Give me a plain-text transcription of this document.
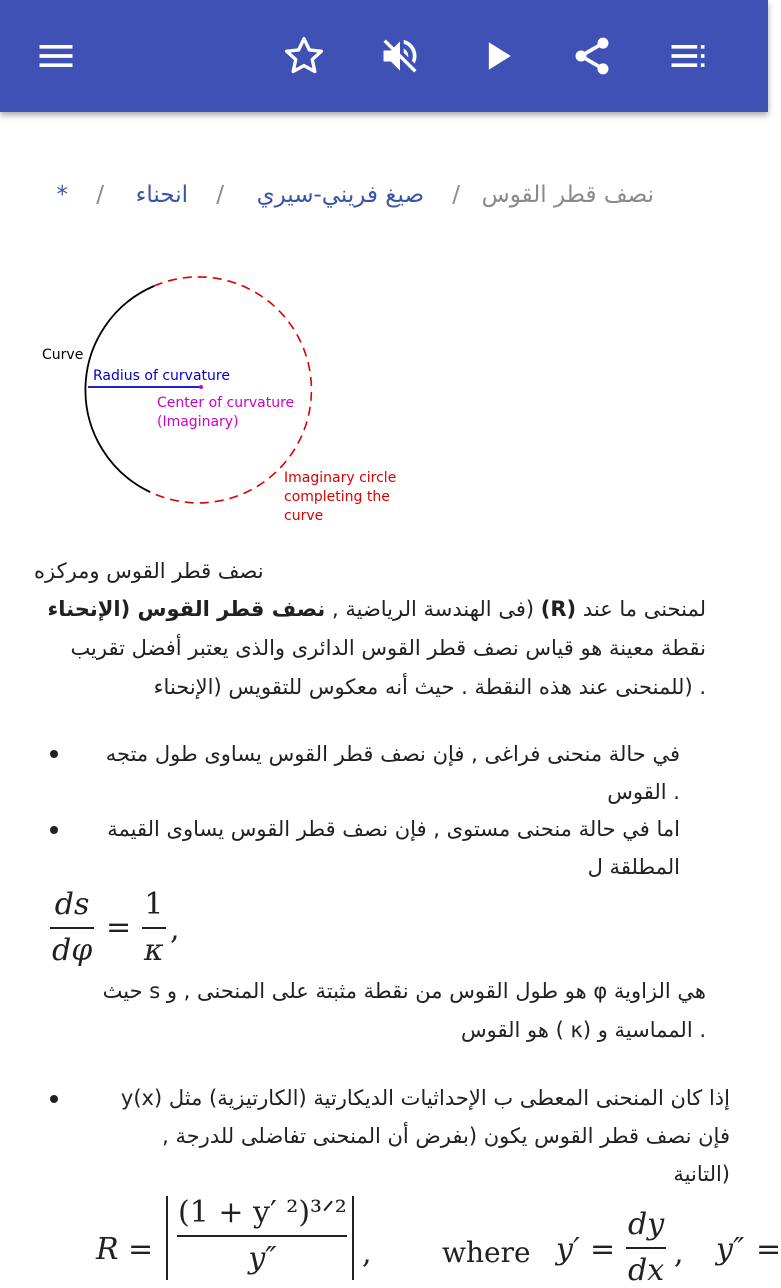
نصف قطر القوس
/
صيغ فريني-سيري
/
انحناء
/
*
Curve
Radius of curvature
Center of curvature
(Imaginary)
Imaginary circle
completing the
curve
نصف قطر القوس ومركزه
لمنحنى ما عند (R) (فى الهندسة الرياضية , نصف قطر القوس (الإنحناء
نقطة معينة هو قياس نصف قطر القوس الدائرى والذى يعتبر أفضل تقريب
. (للمنحنى عند هذه النقطة . حيث أنه معكوس للتقويس (الإنحناء
في حالة منحنى فراغى , فإن نصف قطر القوس يساوى طول متجه
. القوس
اما في حالة منحنى مستوى , فإن نصف قطر القوس يساوى القيمة
المطلقة ل
ds
dφ
=
1
κ
,
هي الزاوية φ هو طول القوس من نقطة مثبتة على المنحنى , و s حيث
. المماسية و (κ ) هو القوس
إذا كان المنحنى المعطى ب الإحداثيات الديكارتية (الكارتيزية) مثل (y(x
فإن نصف قطر القوس يكون (بفرض أن المنحنى تفاضلى للدرجة ,
(التانية
R =
(1 + y′ ²)³ᐟ²
y″	,	where y′ =
dy
dx , y″ =
